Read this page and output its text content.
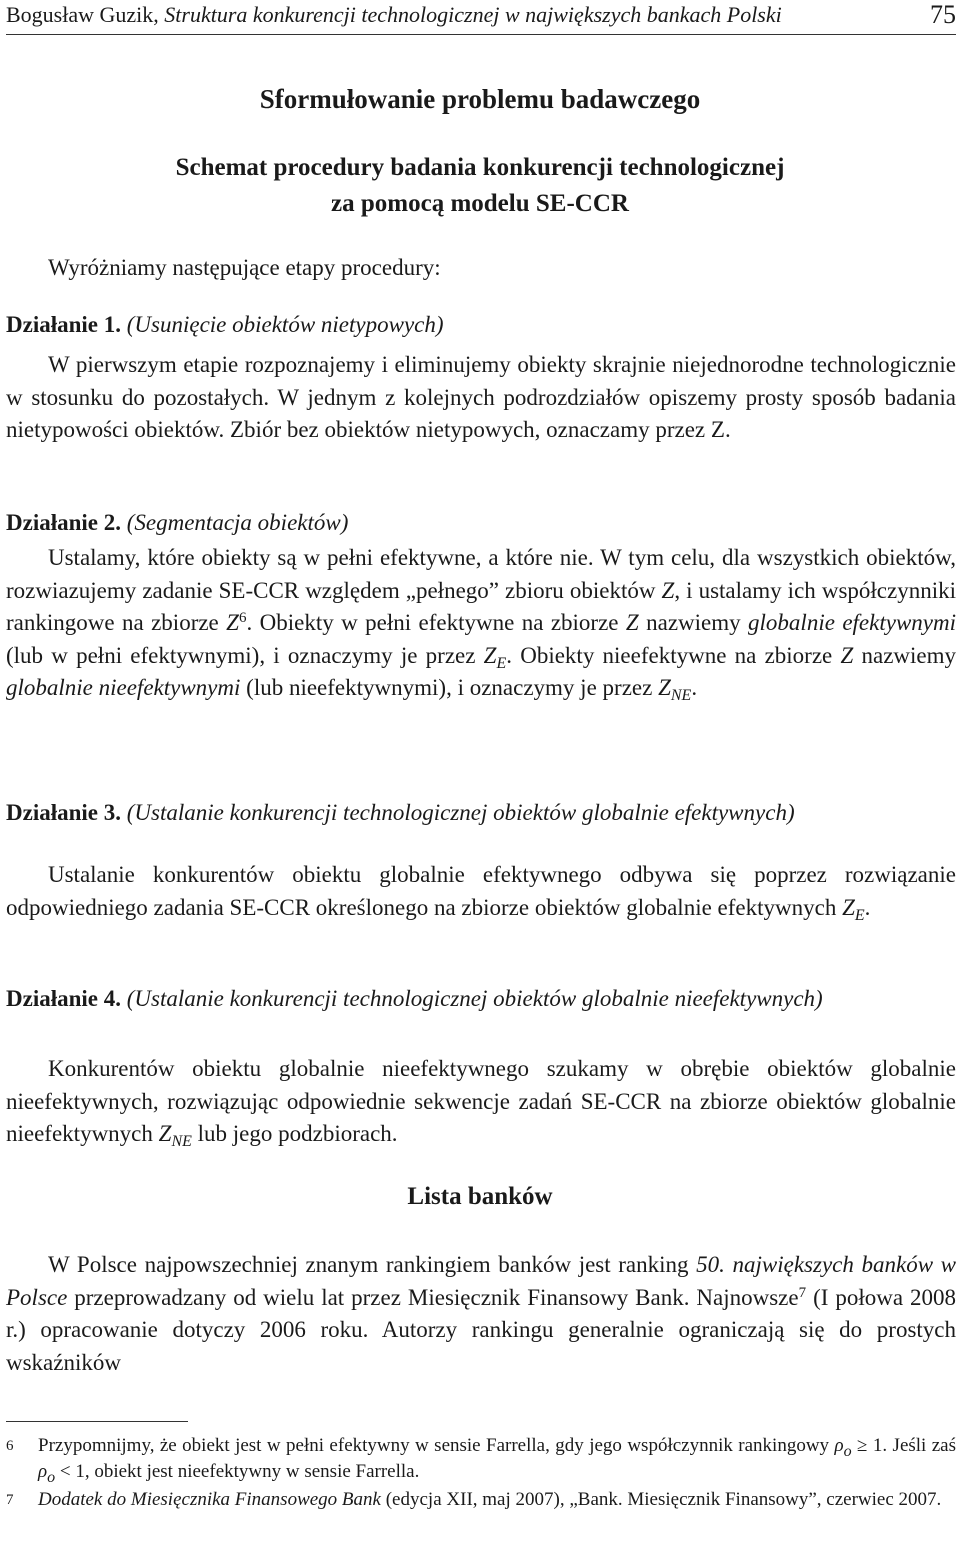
Bogusław Guzik, Struktura konkurencji technologicznej w największych bankach Polski	75
Sformułowanie problemu badawczego
Schemat procedury badania konkurencji technologicznej
za pomocą modelu SE-CCR
Wyróżniamy następujące etapy procedury:
Działanie 1. (Usunięcie obiektów nietypowych)
W pierwszym etapie rozpoznajemy i eliminujemy obiekty skrajnie niejednorodne technologicznie w stosunku do pozostałych. W jednym z kolejnych podrozdziałów opiszemy prosty sposób badania nietypowości obiektów. Zbiór bez obiektów nietypowych, oznaczamy przez Z.
Działanie 2. (Segmentacja obiektów)
Ustalamy, które obiekty są w pełni efektywne, a które nie. W tym celu, dla wszystkich obiektów, rozwiazujemy zadanie SE-CCR względem „pełnego” zbioru obiektów Z, i ustalamy ich współczynniki rankingowe na zbiorze $Z^6$. Obiekty w pełni efektywne na zbiorze Z nazwiemy globalnie efektywnymi (lub w pełni efektywnymi), i oznaczymy je przez $Z_E$. Obiekty nieefektywne na zbiorze Z nazwiemy globalnie nieefektywnymi (lub nieefektywnymi), i oznaczymy je przez $Z_{NE}$.
Działanie 3. (Ustalanie konkurencji technologicznej obiektów globalnie efektywnych)
Ustalanie konkurentów obiektu globalnie efektywnego odbywa się poprzez rozwiązanie odpowiedniego zadania SE-CCR określonego na zbiorze obiektów globalnie efektywnych $Z_E$.
Działanie 4. (Ustalanie konkurencji technologicznej obiektów globalnie nieefektywnych)
Konkurentów obiektu globalnie nieefektywnego szukamy w obrębie obiektów globalnie nieefektywnych, rozwiązując odpowiednie sekwencje zadań SE-CCR na zbiorze obiektów globalnie nieefektywnych $Z_{NE}$ lub jego podzbiorach.
Lista banków
W Polsce najpowszechniej znanym rankingiem banków jest ranking 50. największych banków w Polsce przeprowadzany od wielu lat przez Miesięcznik Finansowy Bank. Najnowsze$^7$ (I połowa 2008 r.) opracowanie dotyczy 2006 roku. Autorzy rankingu generalnie ograniczają się do prostych wskaźników
6 Przypomnijmy, że obiekt jest w pełni efektywny w sensie Farrella, gdy jego współczynnik rankingowy $\rho_o \ge 1$. Jeśli zaś $\rho_o < 1$, obiekt jest nieefektywny w sensie Farrella.
7 Dodatek do Miesięcznika Finansowego Bank (edycja XII, maj 2007), „Bank. Miesięcznik Finansowy”, czerwiec 2007.
